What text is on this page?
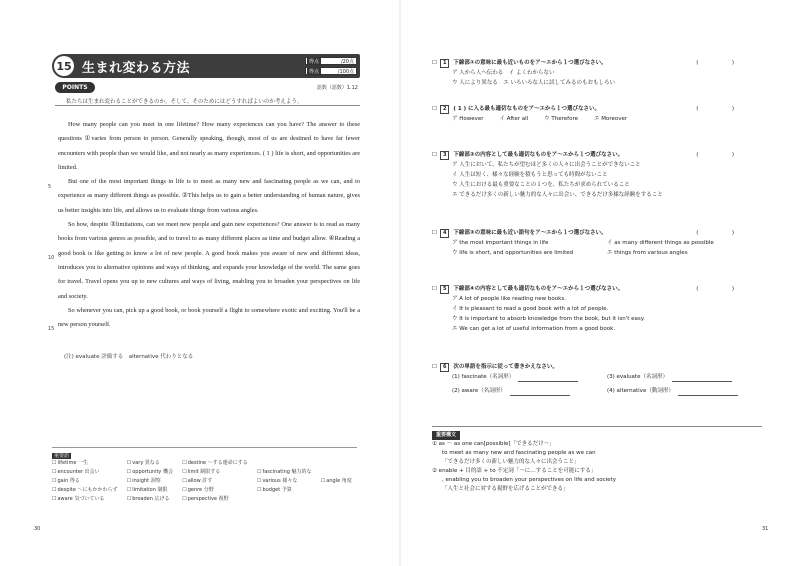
15 生まれ変わる方法	得点	/20点
得点	/100点
POINTS	語数（語数）1.12
私たちは生まれ変わることができるのか。そして、そのためにはどうすればよいのか考えよう。

How many people can you meet in one lifetime? How many experiences can you have? The answer to these questions ①varies from person to person. Generally speaking, though, most of us are destined to have far fewer encounters with people than we would like, and not nearly as many experiences. ( 1 ) life is short, and opportunities are limited.

But one of the most important things in life is to meet as many new and fascinating people as we can, and to experience as many different things as possible. ②This helps us to gain a better understanding of human nature, gives us better insights into life, and allows us to evaluate things from various angles.

So how, despite ③limitations, can we meet new people and gain new experiences? One answer is to read as many books from various genres as possible, and to travel to as many different places as time and budget allow. ④Reading a good book is like getting to know a lot of new people. A good book makes you aware of new and different ideas, introduces you to alternative opinions and ways of thinking, and expands your knowledge of the world. The same goes for travel. Travel opens you up to new cultures and ways of living, enabling you to broaden your perspectives on life and society.

So whenever you can, pick up a good book, or book yourself a flight to somewhere exotic and exciting. You'll be a new person yourself.

5
10
15
(注) evaluate 評価する　alternative 代わりとなる
重要語
☐ lifetime 一生	☐ vary 異なる	☐ destine 〜する運命にする
☐ encounter 出会い	☐ opportunity 機会	☐ limit 制限する	☐ fascinating 魅力的な
☐ gain 得る	☐ insight 洞察	☐ allow 許す	☐ various 様々な	☐ angle 角度
☐ despite 〜にもかかわらず	☐ limitation 制限	☐ genre 分野	☐ budget 予算
☐ aware 気づいている	☐ broaden 広げる	☐ perspective 視野
30
☐ 1 下線部①の意味に最も近いものをア〜エから１つ選びなさい。	(　)
ア 人から人へ伝わる　イ よくわからない
ウ 人により異なる　エ いろいろな人に試してみるのもおもしろい
☐ 2 ( 1 ) に入る最も適切なものをア〜エから１つ選びなさい。	(　)
ア However	イ After all	ウ Therefore	エ Moreover
☐ 3 下線部②の内容として最も適切なものをア〜エから１つ選びなさい。	(　)
ア 人生において、私たちが望むほど多くの人々に出会うことができないこと
イ 人生は短く、様々な経験を積もうと思っても時間がないこと
ウ 人生における最も重要なことの１つを、私たちが求められていること
エ できるだけ多くの新しい魅力的な人々に出会い、できるだけ多様な経験をすること
☐ 4 下線部③の意味に最も近い語句をア〜エから１つ選びなさい。	(　)
ア the most important things in life	イ as many different things as possible
ウ life is short, and opportunities are limited	エ things from various angles
☐ 5 下線部④の内容として最も適切なものをア〜エから１つ選びなさい。	(　)
ア A lot of people like reading new books.
イ It is pleasant to read a good book with a lot of people.
ウ It is important to absorb knowledge from the book, but it isn't easy.
エ We can get a lot of useful information from a good book.
☐ 6 次の単語を指示に従って書きかえなさい。
(1) fascinate（名詞形）	(3) evaluate（名詞形）
(2) aware（名詞形）	(4) alternative（動詞形）
重要構文
① as 〜 as one can[possible]「できるだけ〜」
to meet as many new and fascinating people as we can
「できるだけ多くの新しい魅力的な人々に出会うこと」
② enable + 目的語 + to 不定詞「〜に…することを可能にする」
, enabling you to broaden your perspectives on life and society
「人生と社会に対する視野を広げることができる」
31
